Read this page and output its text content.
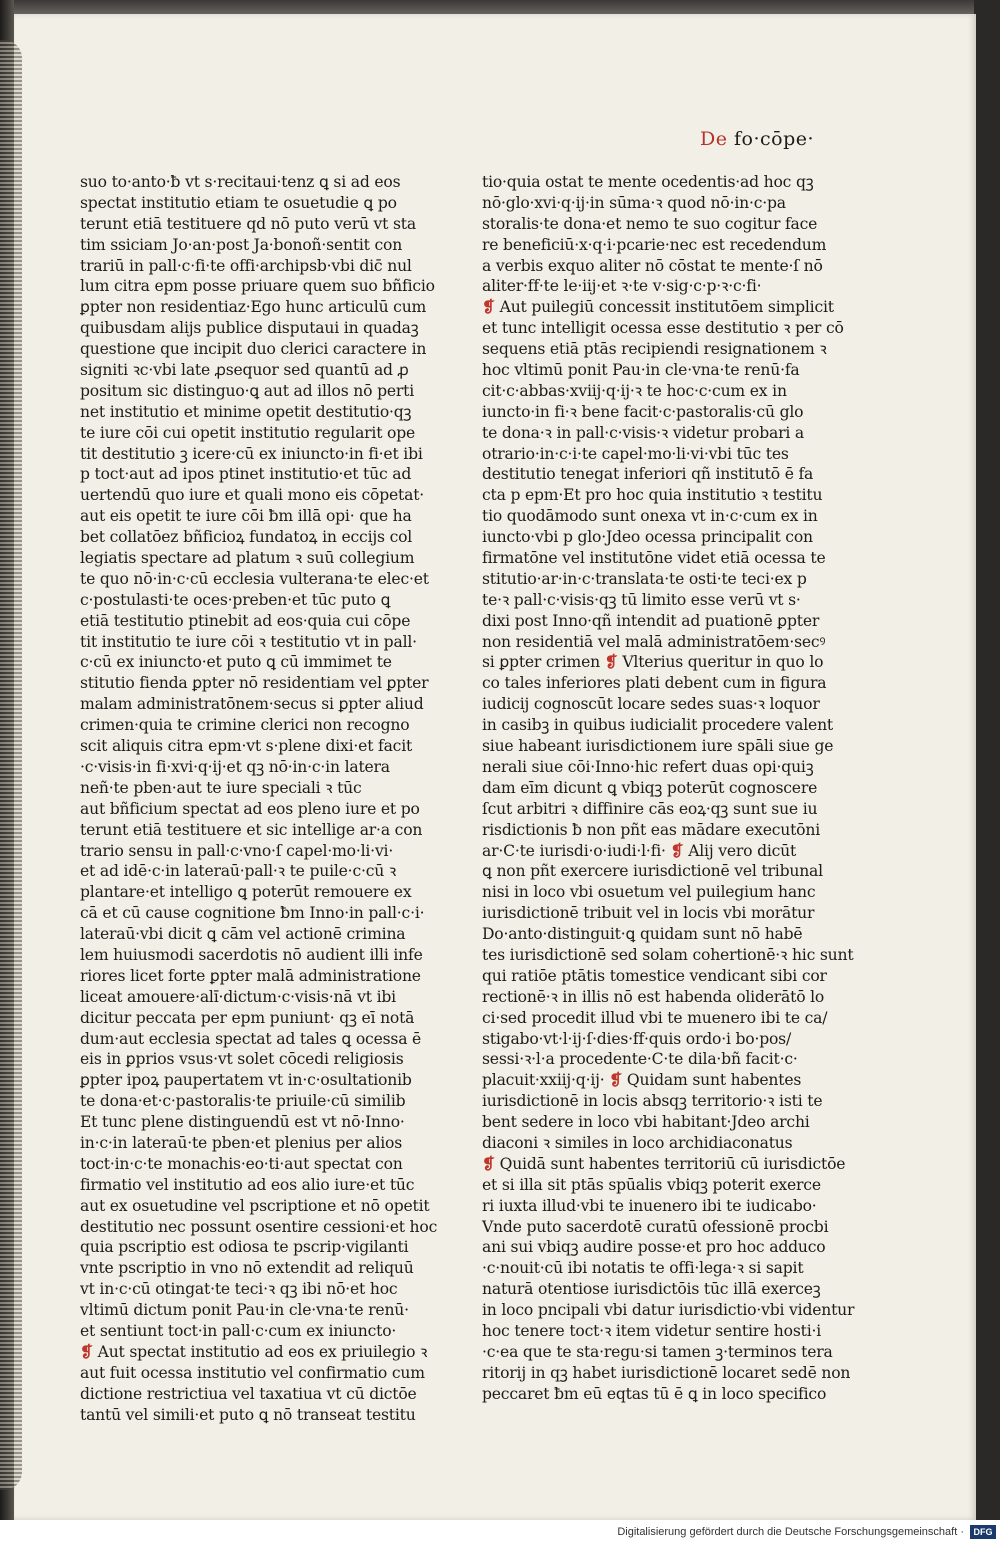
De fo·cōpe·
suo to·anto·ƀ vt s·recitaui·tenz ꝗ si ad eos
spectat institutio etiam te osuetudie ꝗ po
terunt etiā testituere qd nō puto verū vt sta
tim ssiciam Jo·an·post Ja·bonoñ·sentit con
trariū in pall·c·fi·te offi·archipsb·vbi dic̄ nul
lum citra epm posse priuare quem suo bñficio
ꝑpter non residentiaz·Ego hunc articulū cum
quibusdam alijs publice disputaui in quadaꝫ
questione que incipit duo clerici caractere in
signiti ꝛc·vbi late ꝓsequor sed quantū ad ꝓ
positum sic distinguo·ꝗ aut ad illos nō perti
net institutio et minime opetit destitutio·qꝫ
te iure cōi cui opetit institutio regularit ope
tit destitutio ꝫ icere·cū ex iniuncto·in fi·et ibi
p toct·aut ad ipos ptinet institutio·et tūc ad
uertendū quo iure et quali mono eis cōpetat·
aut eis opetit te iure cōi ƀm illā opi· que ha
bet collatōez bñficioꝝ fundatoꝝ in eccijs col
legiatis spectare ad platum ꝛ suū collegium
te quo nō·in·c·cū ecclesia vulterana·te elec·et
c·postulasti·te oces·preben·et tūc puto ꝗ
etiā testitutio ptinebit ad eos·quia cui cōpe
tit institutio te iure cōi ꝛ testitutio vt in pall·
c·cū ex iniuncto·et puto ꝗ cū immimet te
stitutio fienda ꝑpter nō residentiam vel ꝑpter
malam administratōnem·secus si ꝑpter aliud
crimen·quia te crimine clerici non recogno
scit aliquis citra epm·vt s·plene dixi·et facit
·c·visis·in fi·xvi·q·ij·et qꝫ nō·in·c·in latera
neñ·te pben·aut te iure speciali ꝛ tūc
aut bñficium spectat ad eos pleno iure et po
terunt etiā testituere et sic intellige ar·a con
trario sensu in pall·c·vno·ſ capel·mo·li·vi·
et ad idē·c·in lateraū·pall·ꝛ te puile·c·cū ꝛ
plantare·et intelligo ꝗ poterūt remouere ex
cā et cū cause cognitione ƀm Inno·in pall·c·i·
lateraū·vbi dicit ꝗ cām vel actionē crimina
lem huiusmodi sacerdotis nō audient illi infe
riores licet forte ꝑpter malā administratione
liceat amouere·alı̄·dictum·c·visis·nā vt ibi
dicitur peccata per epm puniunt· qꝫ eī notā
dum·aut ecclesia spectat ad tales ꝗ ocessa ē
eis in ꝑprios vsus·vt solet cōcedi religiosis
ꝑpter ipoꝝ paupertatem vt in·c·osultationib
te dona·et·c·pastoralis·te priuile·cū similib
Et tunc plene distinguendū est vt nō·Inno·
in·c·in lateraū·te pben·et plenius per alios
toct·in·c·te monachis·eo·ti·aut spectat con
firmatio vel institutio ad eos alio iure·et tūc
aut ex osuetudine vel pscriptione et nō opetit
destitutio nec possunt osentire cessioni·et hoc
quia pscriptio est odiosa te pscrip·vigilanti
vnte pscriptio in vno nō extendit ad reliquū
vt in·c·cū otingat·te teci·ꝛ qꝫ ibi nō·et hoc
vltimū dictum ponit Pau·in cle·vna·te renū·
et sentiunt toct·in pall·c·cum ex iniuncto·
❡ Aut spectat institutio ad eos ex priuilegio ꝛ
aut fuit ocessa institutio vel confirmatio cum
dictione restrictiua vel taxatiua vt cū dictōe
tantū vel simili·et puto ꝗ nō transeat testitu
tio·quia ostat te mente ocedentis·ad hoc qꝫ
nō·glo·xvi·q·ij·in sūma·ꝛ quod nō·in·c·pa
storalis·te dona·et nemo te suo cogitur face
re beneficiū·x·q·i·pcarie·nec est recedendum
a verbis exquo aliter nō cōstat te mente·ſ nō
aliter·ff·te le·iij·et ꝛ·te v·sig·c·p·ꝛ·c·fi·
❡ Aut puilegiū concessit institutōem simplicit
et tunc intelligit ocessa esse destitutio ꝛ per cō
sequens etiā ptās recipiendi resignationem ꝛ
hoc vltimū ponit Pau·in cle·vna·te renū·fa
cit·c·abbas·xviij·q·ij·ꝛ te hoc·c·cum ex in
iuncto·in fi·ꝛ bene facit·c·pastoralis·cū glo
te dona·ꝛ in pall·c·visis·ꝛ videtur probari a
otrario·in·c·i·te capel·mo·li·vi·vbi tūc tes
destitutio tenegat inferiori qñ institutō ē fa
cta p epm·Et pro hoc quia institutio ꝛ testitu
tio quodāmodo sunt onexa vt in·c·cum ex in
iuncto·vbi p glo·Jdeo ocessa principalit con
firmatōne vel institutōne videt etiā ocessa te
stitutio·ar·in·c·translata·te osti·te teci·ex p
te·ꝛ pall·c·visis·qꝫ tū limito esse verū vt s·
dixi post Inno·qñ intendit ad puationē ꝑpter
non residentiā vel malā administratōem·secꝰ
si ꝑpter crimen ❡ Vlterius queritur in quo lo
co tales inferiores plati debent cum in figura
iudicij cognoscūt locare sedes suas·ꝛ loquor
in casibꝫ in quibus iudicialit procedere valent
siue habeant iurisdictionem iure spāli siue ge
nerali siue cōi·Inno·hic refert duas opi·quiꝫ
dam eīm dicunt ꝗ vbiqꝫ poterūt cognoscere
ſcut arbitri ꝛ diffinire cās eoꝝ·qꝫ sunt sue iu
risdictionis ƀ non pñt eas mādare executōni
ar·C·te iurisdi·o·iudi·l·fi· ❡ Alij vero dicūt
ꝗ non pñt exercere iurisdictionē vel tribunal
nisi in loco vbi osuetum vel puilegium hanc
iurisdictionē tribuit vel in locis vbi morātur
Do·anto·distinguit·ꝗ quidam sunt nō habē
tes iurisdictionē sed solam cohertionē·ꝛ hic sunt
qui ratiōe ptātis tomestice vendicant sibi cor
rectionē·ꝛ in illis nō est habenda oliderātō lo
ci·sed procedit illud vbi te muenero ibi te ca/
stigabo·vt·l·ij·ſ·dies·ff·quis ordo·i bo·pos/
sessi·ꝛ·l·a procedente·C·te dila·bñ facit·c·
placuit·xxiij·q·ij· ❡ Quidam sunt habentes
iurisdictionē in locis absqꝫ territorio·ꝛ isti te
bent sedere in loco vbi habitant·Jdeo archi
diaconi ꝛ similes in loco archidiaconatus
❡ Quidā sunt habentes territoriū cū iurisdictōe
et si illa sit ptās spūalis vbiqꝫ poterit exerce
ri iuxta illud·vbi te inuenero ibi te iudicabo·
Vnde puto sacerdotē curatū ofessionē procbi
ani sui vbiqꝫ audire posse·et pro hoc adduco
·c·nouit·cū ibi notatis te offi·lega·ꝛ si sapit
naturā otentiose iurisdictōis tūc illā exerceꝫ
in loco pncipali vbi datur iurisdictio·vbi videntur
hoc tenere toct·ꝛ item videtur sentire hosti·i
·c·ea que te sta·regu·si tamen ꝫ·terminos tera
ritorij in qꝫ habet iurisdictionē locaret sedē non
peccaret ƀm eū eqtas tū ē ꝗ in loco specifico
Digitalisierung gefördert durch die Deutsche Forschungsgemeinschaft ·	DFG
